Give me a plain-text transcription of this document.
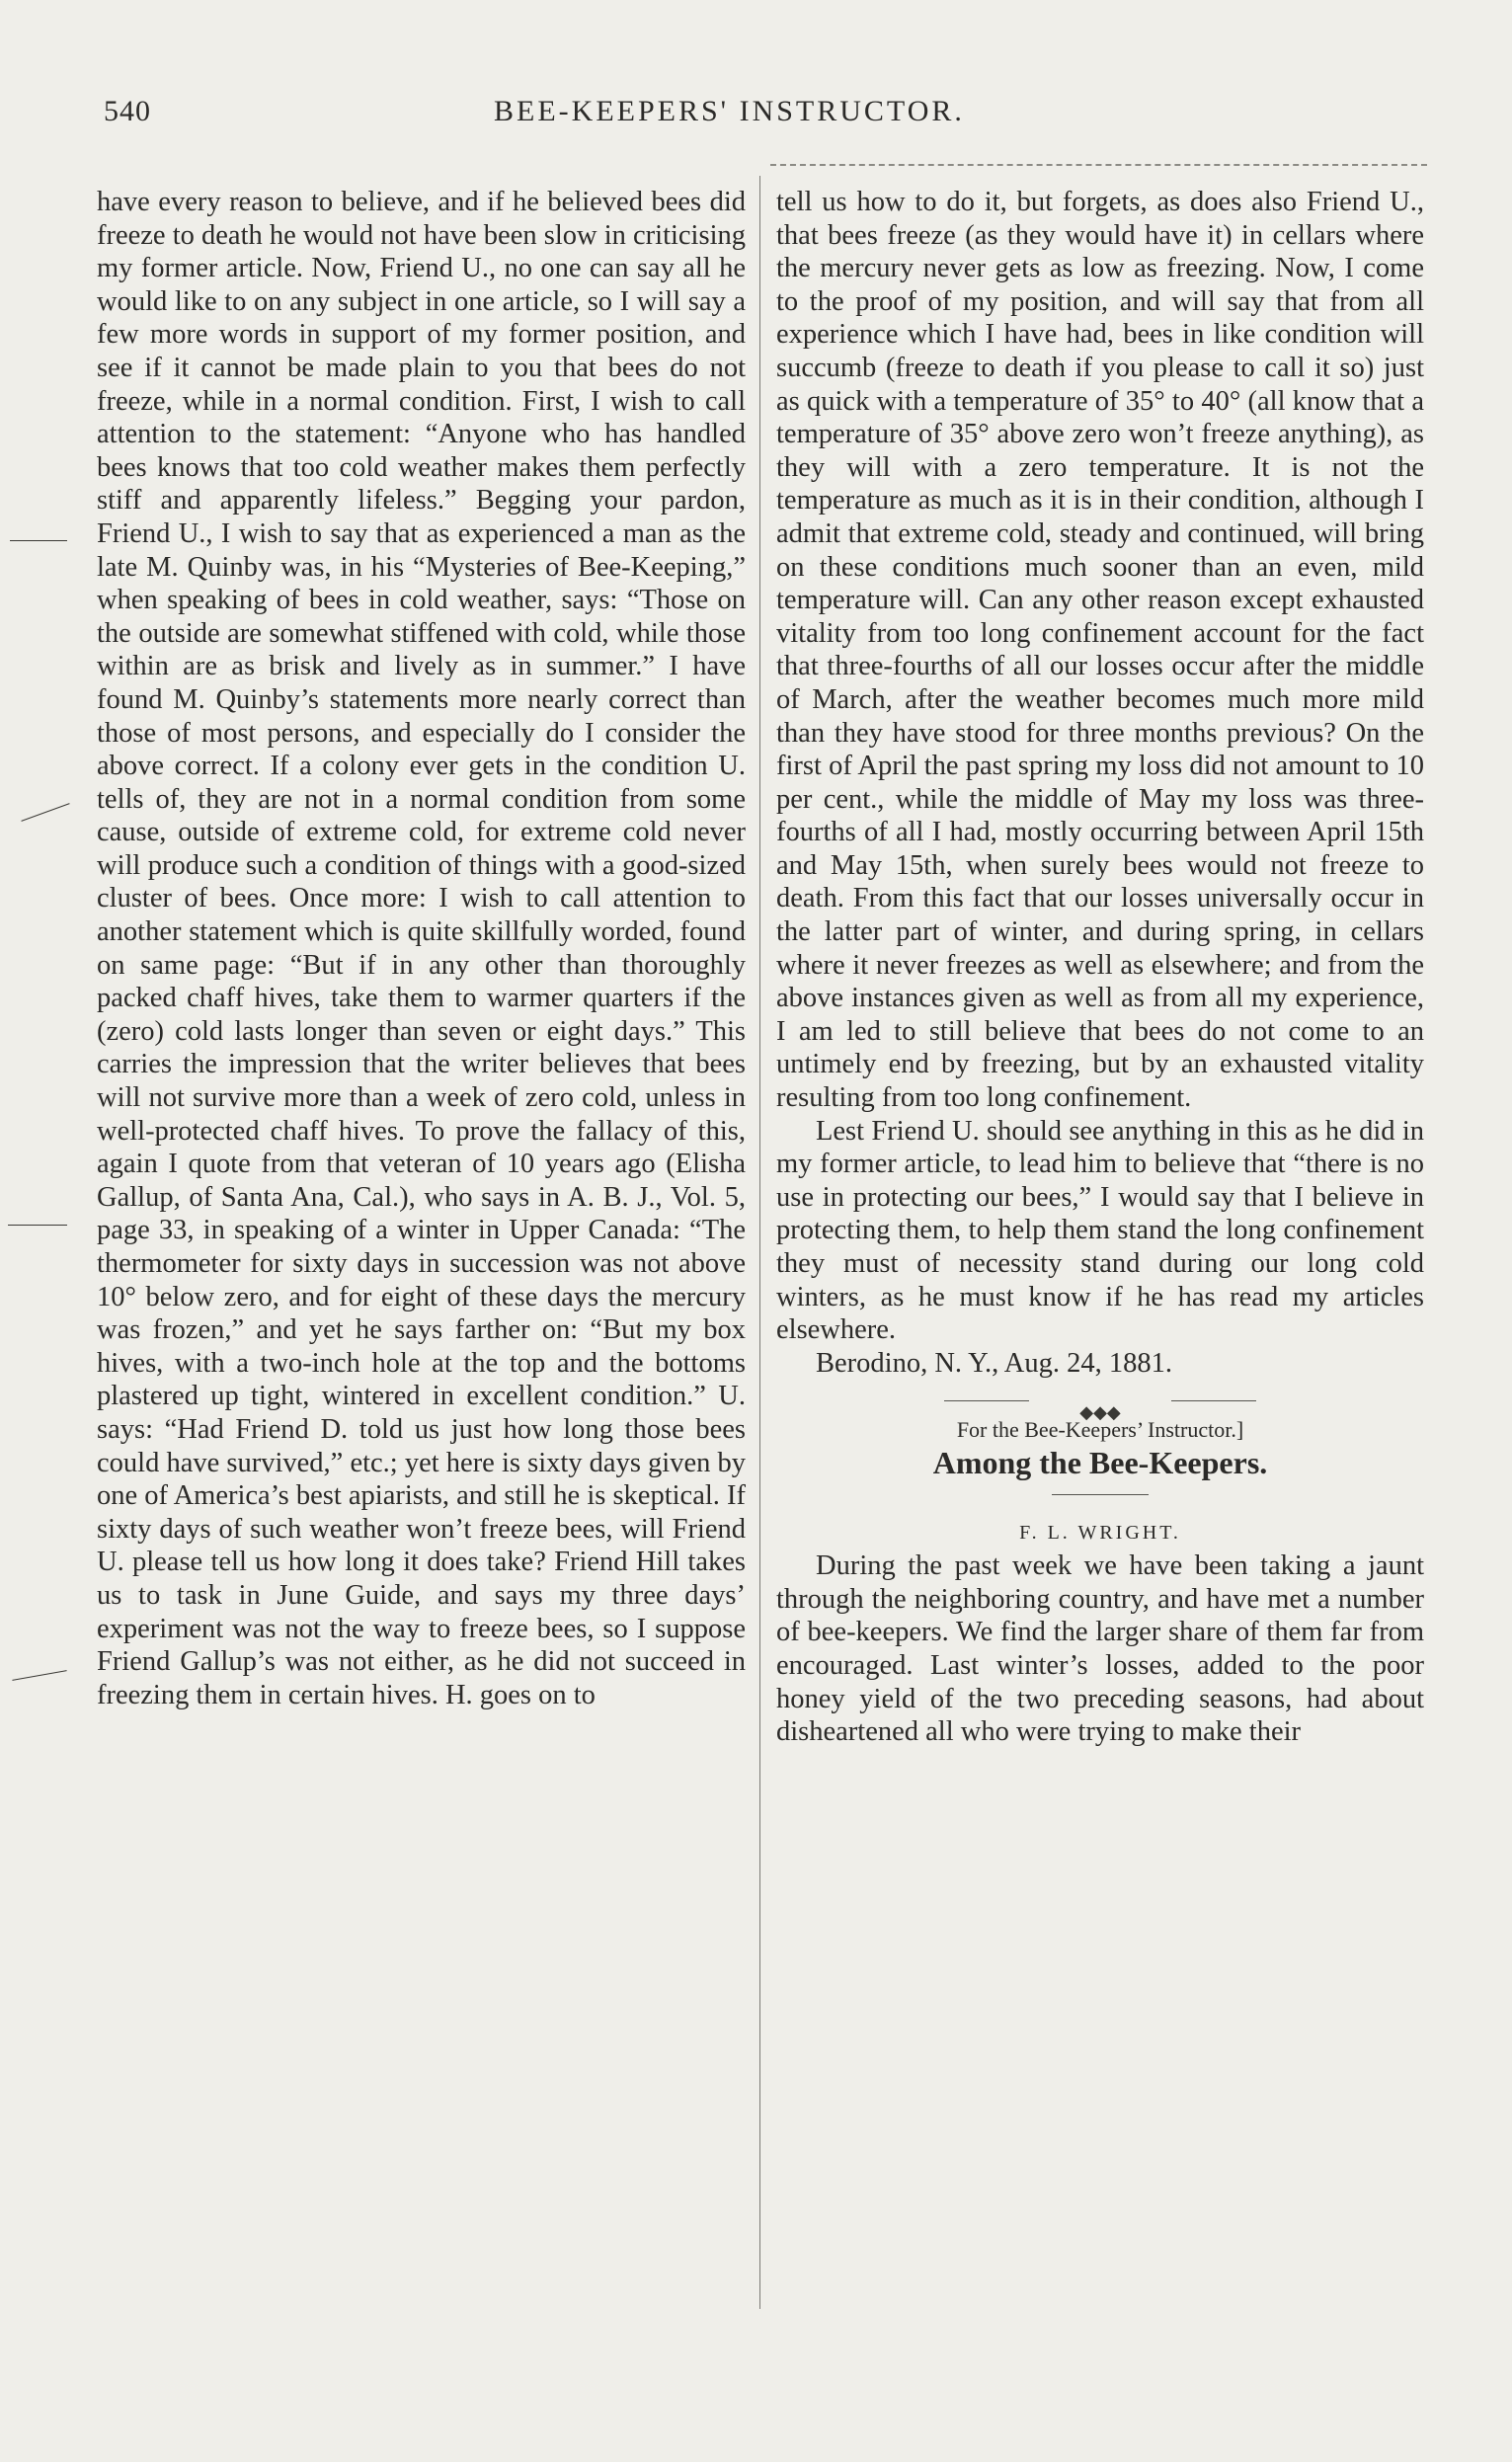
540	BEE-KEEPERS' INSTRUCTOR.

have every reason to believe, and if he believed bees did freeze to death he would not have been slow in criticising my former article. Now, Friend U., no one can say all he would like to on any subject in one article, so I will say a few more words in support of my former position, and see if it cannot be made plain to you that bees do not freeze, while in a normal condition. First, I wish to call attention to the statement: “Anyone who has handled bees knows that too cold weather makes them perfectly stiff and apparently lifeless.” Begging your pardon, Friend U., I wish to say that as experienced a man as the late M. Quinby was, in his “Mysteries of Bee-Keeping,” when speaking of bees in cold weather, says: “Those on the outside are somewhat stiffened with cold, while those within are as brisk and lively as in summer.” I have found M. Quinby’s statements more nearly correct than those of most persons, and especially do I consider the above correct. If a colony ever gets in the condition U. tells of, they are not in a normal condition from some cause, outside of extreme cold, for extreme cold never will produce such a condition of things with a good-sized cluster of bees. Once more: I wish to call attention to another statement which is quite skillfully worded, found on same page: “But if in any other than thoroughly packed chaff hives, take them to warmer quarters if the (zero) cold lasts longer than seven or eight days.” This carries the impression that the writer believes that bees will not survive more than a week of zero cold, unless in well-protected chaff hives. To prove the fallacy of this, again I quote from that veteran of 10 years ago (Elisha Gallup, of Santa Ana, Cal.), who says in A. B. J., Vol. 5, page 33, in speaking of a winter in Upper Canada: “The thermometer for sixty days in succession was not above 10° below zero, and for eight of these days the mercury was frozen,” and yet he says farther on: “But my box hives, with a two-inch hole at the top and the bottoms plastered up tight, wintered in excellent condition.” U. says: “Had Friend D. told us just how long those bees could have survived,” etc.; yet here is sixty days given by one of America’s best apiarists, and still he is skeptical. If sixty days of such weather won’t freeze bees, will Friend U. please tell us how long it does take? Friend Hill takes us to task in June Guide, and says my three days’ experiment was not the way to freeze bees, so I suppose Friend Gallup’s was not either, as he did not succeed in freezing them in certain hives. H. goes on to

tell us how to do it, but forgets, as does also Friend U., that bees freeze (as they would have it) in cellars where the mercury never gets as low as freezing. Now, I come to the proof of my position, and will say that from all experience which I have had, bees in like condition will succumb (freeze to death if you please to call it so) just as quick with a temperature of 35° to 40° (all know that a temperature of 35° above zero won’t freeze anything), as they will with a zero temperature. It is not the temperature as much as it is in their condition, although I admit that extreme cold, steady and continued, will bring on these conditions much sooner than an even, mild temperature will. Can any other reason except exhausted vitality from too long confinement account for the fact that three-fourths of all our losses occur after the middle of March, after the weather becomes much more mild than they have stood for three months previous? On the first of April the past spring my loss did not amount to 10 per cent., while the middle of May my loss was three-fourths of all I had, mostly occurring between April 15th and May 15th, when surely bees would not freeze to death. From this fact that our losses universally occur in the latter part of winter, and during spring, in cellars where it never freezes as well as elsewhere; and from the above instances given as well as from all my experience, I am led to still believe that bees do not come to an untimely end by freezing, but by an exhausted vitality resulting from too long confinement.

Lest Friend U. should see anything in this as he did in my former article, to lead him to believe that “there is no use in protecting our bees,” I would say that I believe in protecting them, to help them stand the long confinement they must of necessity stand during our long cold winters, as he must know if he has read my articles elsewhere.

Berodino, N. Y., Aug. 24, 1881.

◆◆◆

For the Bee-Keepers’ Instructor.]

Among the Bee-Keepers.

F. L. WRIGHT.

During the past week we have been taking a jaunt through the neighboring country, and have met a number of bee-keepers. We find the larger share of them far from encouraged. Last winter’s losses, added to the poor honey yield of the two preceding seasons, had about disheartened all who were trying to make their
